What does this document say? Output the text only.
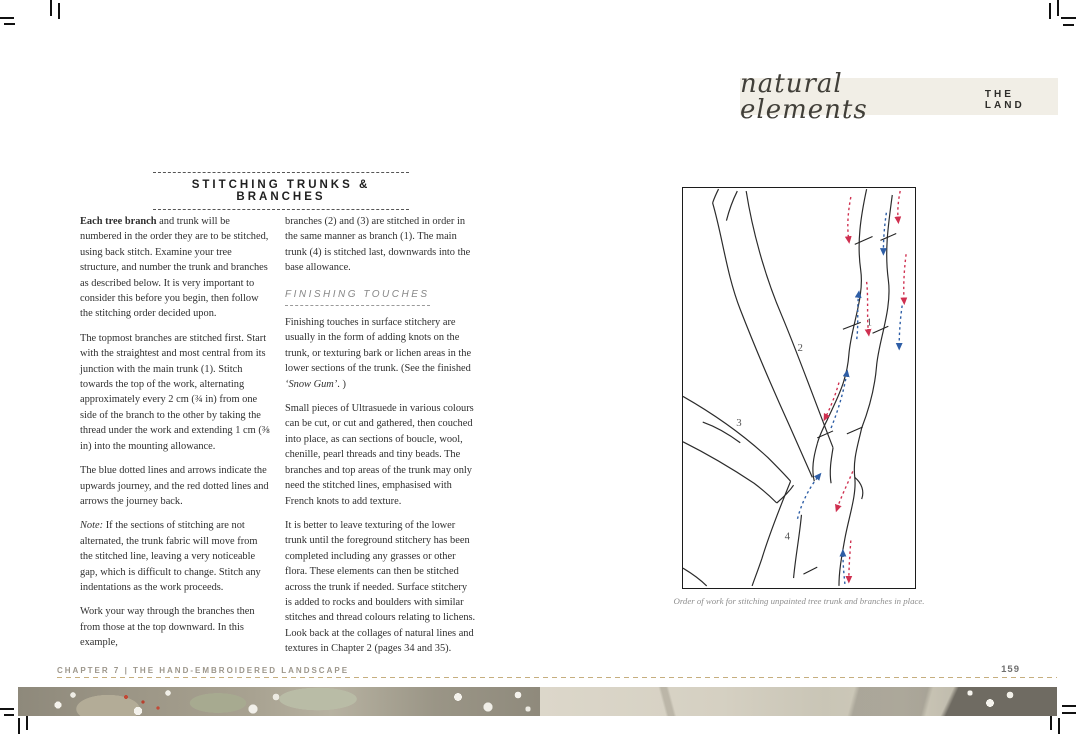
natural elements
THE LAND
STITCHING TRUNKS & BRANCHES

Each tree branch and trunk will be numbered in the order they are to be stitched, using back stitch. Examine your tree structure, and number the trunk and branches as described below. It is very important to consider this before you begin, then follow the stitching order decided upon.

The topmost branches are stitched first. Start with the straightest and most central from its junction with the main trunk (1). Stitch towards the top of the work, alternating approximately every 2 cm (¾ in) from one side of the branch to the other by taking the thread under the work and extending 1 cm (⅜ in) into the mounting allowance.

The blue dotted lines and arrows indicate the upwards journey, and the red dotted lines and arrows the journey back.

Note: If the sections of stitching are not alternated, the trunk fabric will move from the stitched line, leaving a very noticeable gap, which is difficult to change. Stitch any indentations as the work proceeds.

Work your way through the branches then from those at the top downward. In this example,

branches (2) and (3) are stitched in order in the same manner as branch (1). The main trunk (4) is stitched last, downwards into the base allowance.

FINISHING TOUCHES

Finishing touches in surface stitchery are usually in the form of adding knots on the trunk, or texturing bark or lichen areas in the lower sections of the trunk. (See the finished ‘Snow Gum’. )

Small pieces of Ultrasuede in various colours can be cut, or cut and gathered, then couched into place, as can sections of boucle, wool, chenille, pearl threads and tiny beads. The branches and top areas of the trunk may only need the stitched lines, emphasised with French knots to add texture.

It is better to leave texturing of the lower trunk until the foreground stitchery has been completed including any grasses or other flora. These elements can then be stitched across the trunk if needed. Surface stitchery is added to rocks and boulders with similar stitches and thread colours relating to lichens. Look back at the collages of natural lines and textures in Chapter 2 (pages 34 and 35).

1
2
3
4
Order of work for stitching unpainted tree trunk and branches in place.
CHAPTER 7 | THE HAND-EMBROIDERED LANDSCAPE	159
